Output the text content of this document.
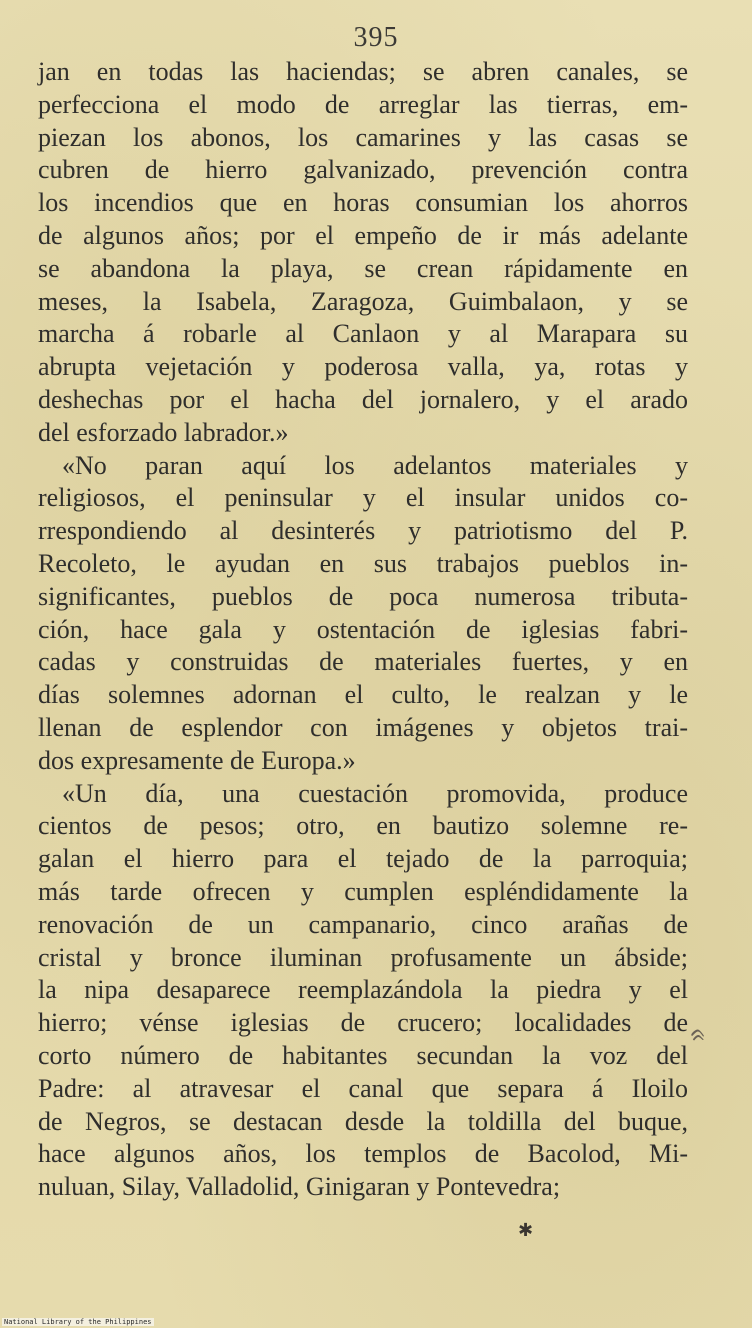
395
jan en todas las haciendas; se abren canales, se
perfecciona el modo de arreglar las tierras, em-
piezan los abonos, los camarines y las casas se
cubren de hierro galvanizado, prevención contra
los incendios que en horas consumian los ahorros
de algunos años; por el empeño de ir más adelante
se abandona la playa, se crean rápidamente en
meses, la Isabela, Zaragoza, Guimbalaon, y se
marcha á robarle al Canlaon y al Marapara su
abrupta vejetación y poderosa valla, ya, rotas y
deshechas por el hacha del jornalero, y el arado
del esforzado labrador.»
«No paran aquí los adelantos materiales y
religiosos, el peninsular y el insular unidos co-
rrespondiendo al desinterés y patriotismo del P.
Recoleto, le ayudan en sus trabajos pueblos in-
significantes, pueblos de poca numerosa tributa-
ción, hace gala y ostentación de iglesias fabri-
cadas y construidas de materiales fuertes, y en
días solemnes adornan el culto, le realzan y le
llenan de esplendor con imágenes y objetos trai-
dos expresamente de Europa.»
«Un día, una cuestación promovida, produce
cientos de pesos; otro, en bautizo solemne re-
galan el hierro para el tejado de la parroquia;
más tarde ofrecen y cumplen espléndidamente la
renovación de un campanario, cinco arañas de
cristal y bronce iluminan profusamente un ábside;
la nipa desaparece reemplazándola la piedra y el
hierro; vénse iglesias de crucero; localidades de
corto número de habitantes secundan la voz del
Padre: al atravesar el canal que separa á Iloilo
de Negros, se destacan desde la toldilla del buque,
hace algunos años, los templos de Bacolod, Mi-
nuluan, Silay, Valladolid, Ginigaran y Pontevedra;
ᨑ
✱
National Library of the Philippines
